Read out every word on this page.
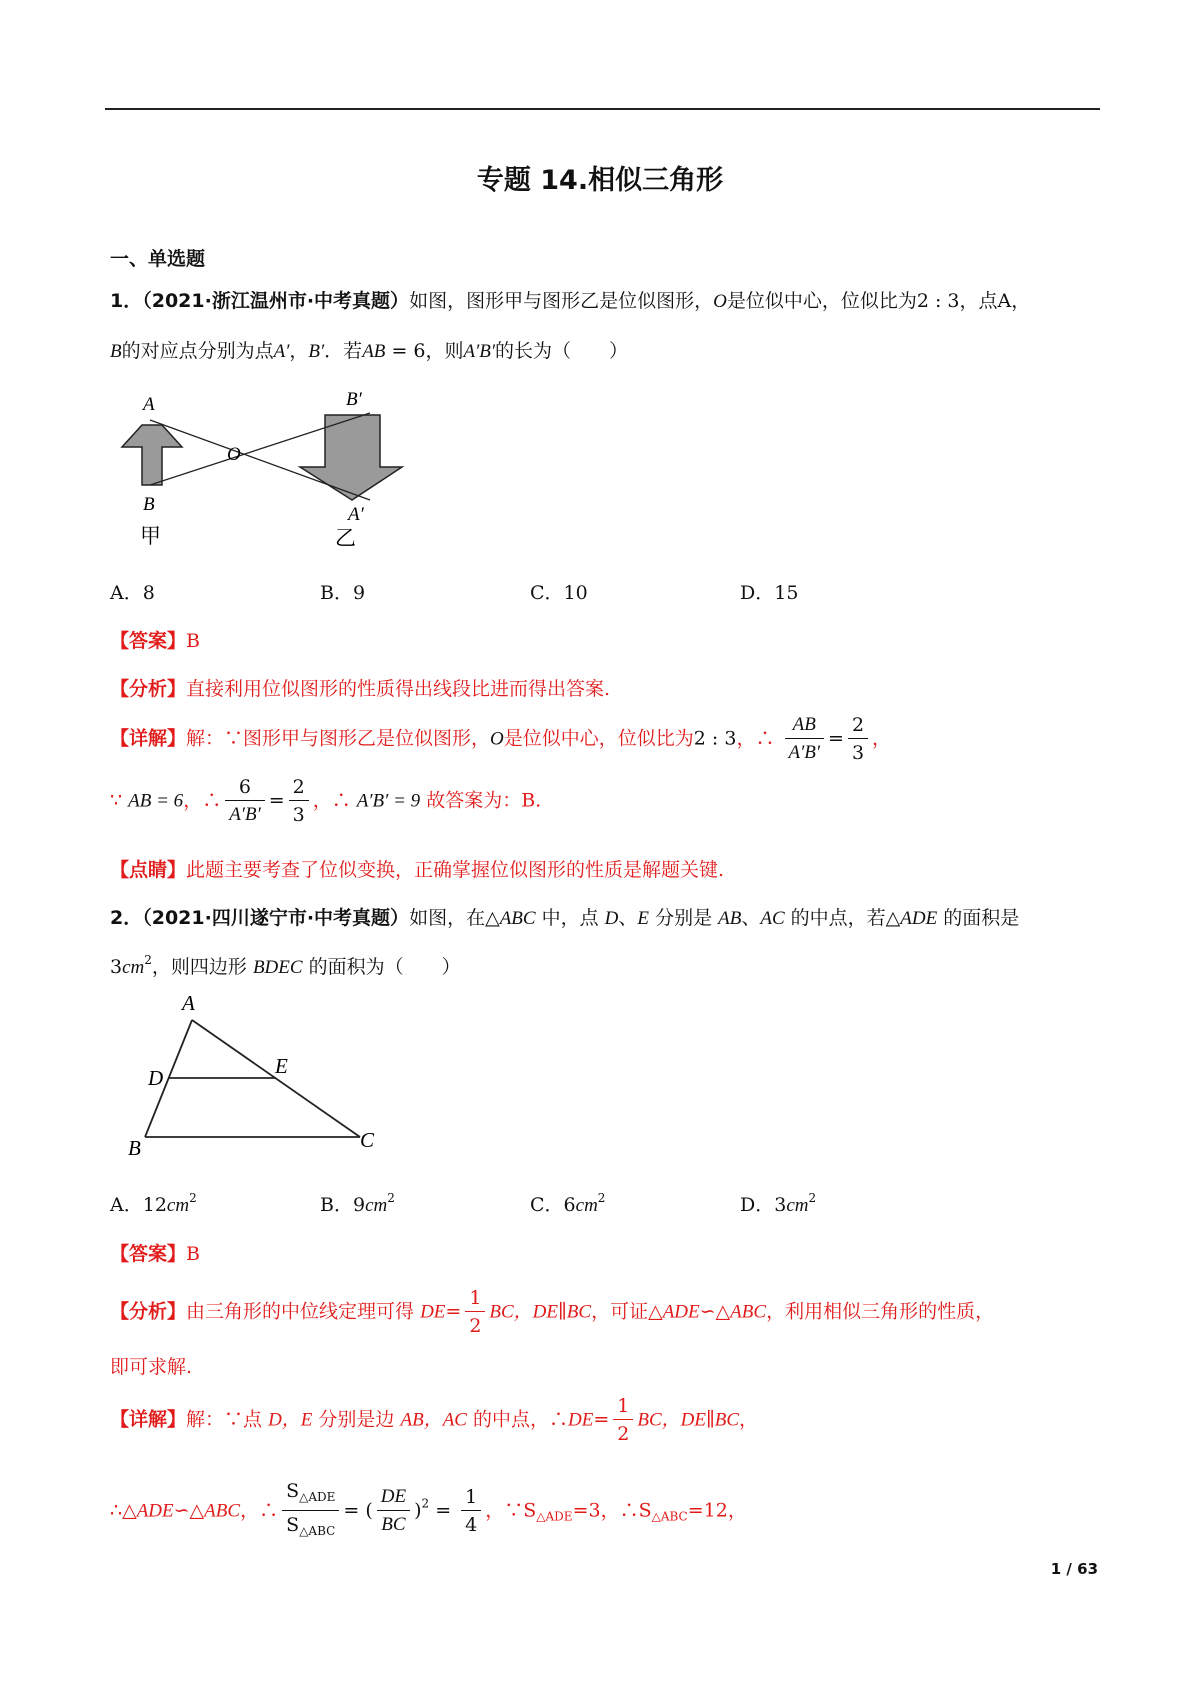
专题 14.相似三角形
一、单选题
1．（2021·浙江温州市·中考真题）如图，图形甲与图形乙是位似图形，O是位似中心，位似比为2 : 3，点A，
B的对应点分别为点A′，B′．若AB = 6，则A′B′的长为（　　）
A
B
O
B′
A′
甲	乙
A．8	B．9	C．10	D．15
【答案】B
【分析】直接利用位似图形的性质得出线段比进而得出答案.
【详解】解：∵图形甲与图形乙是位似图形，O是位似中心，位似比为2 : 3，∴ $\frac{AB}{A'B'} = \frac{2}{3}$ ，
∵ AB = 6，∴ $\frac{6}{A'B'} = \frac{2}{3}$ ，∴ A′B′ = 9 故答案为：B.
【点睛】此题主要考查了位似变换，正确掌握位似图形的性质是解题关键.
2．（2021·四川遂宁市·中考真题）如图，在△ABC 中，点 D、E 分别是 AB、AC 的中点，若△ADE 的面积是
$3cm^2$，则四边形 BDEC 的面积为（　　）
A
D	E
B	C
A．$12cm^2$	B．$9cm^2$	C．$6cm^2$	D．$3cm^2$
【答案】B
【分析】由三角形的中位线定理可得 $DE= \frac{1}{2}$ BC，DE∥BC，可证△ADE∽△ABC，利用相似三角形的性质，
即可求解.
【详解】解：∵点 D，E 分别是边 AB，AC 的中点，∴DE= $\frac{1}{2}$ BC，DE∥BC，
∴△ADE∽△ABC，∴ $\frac{S_{\triangle ADE}}{S_{\triangle ABC}}$ = ( $\frac{DE}{BC} )^2 = \frac{1}{4}$ ，$\because S_{\triangle ADE}=3$，$\therefore S_{\triangle ABC}=12$，
1 / 63
